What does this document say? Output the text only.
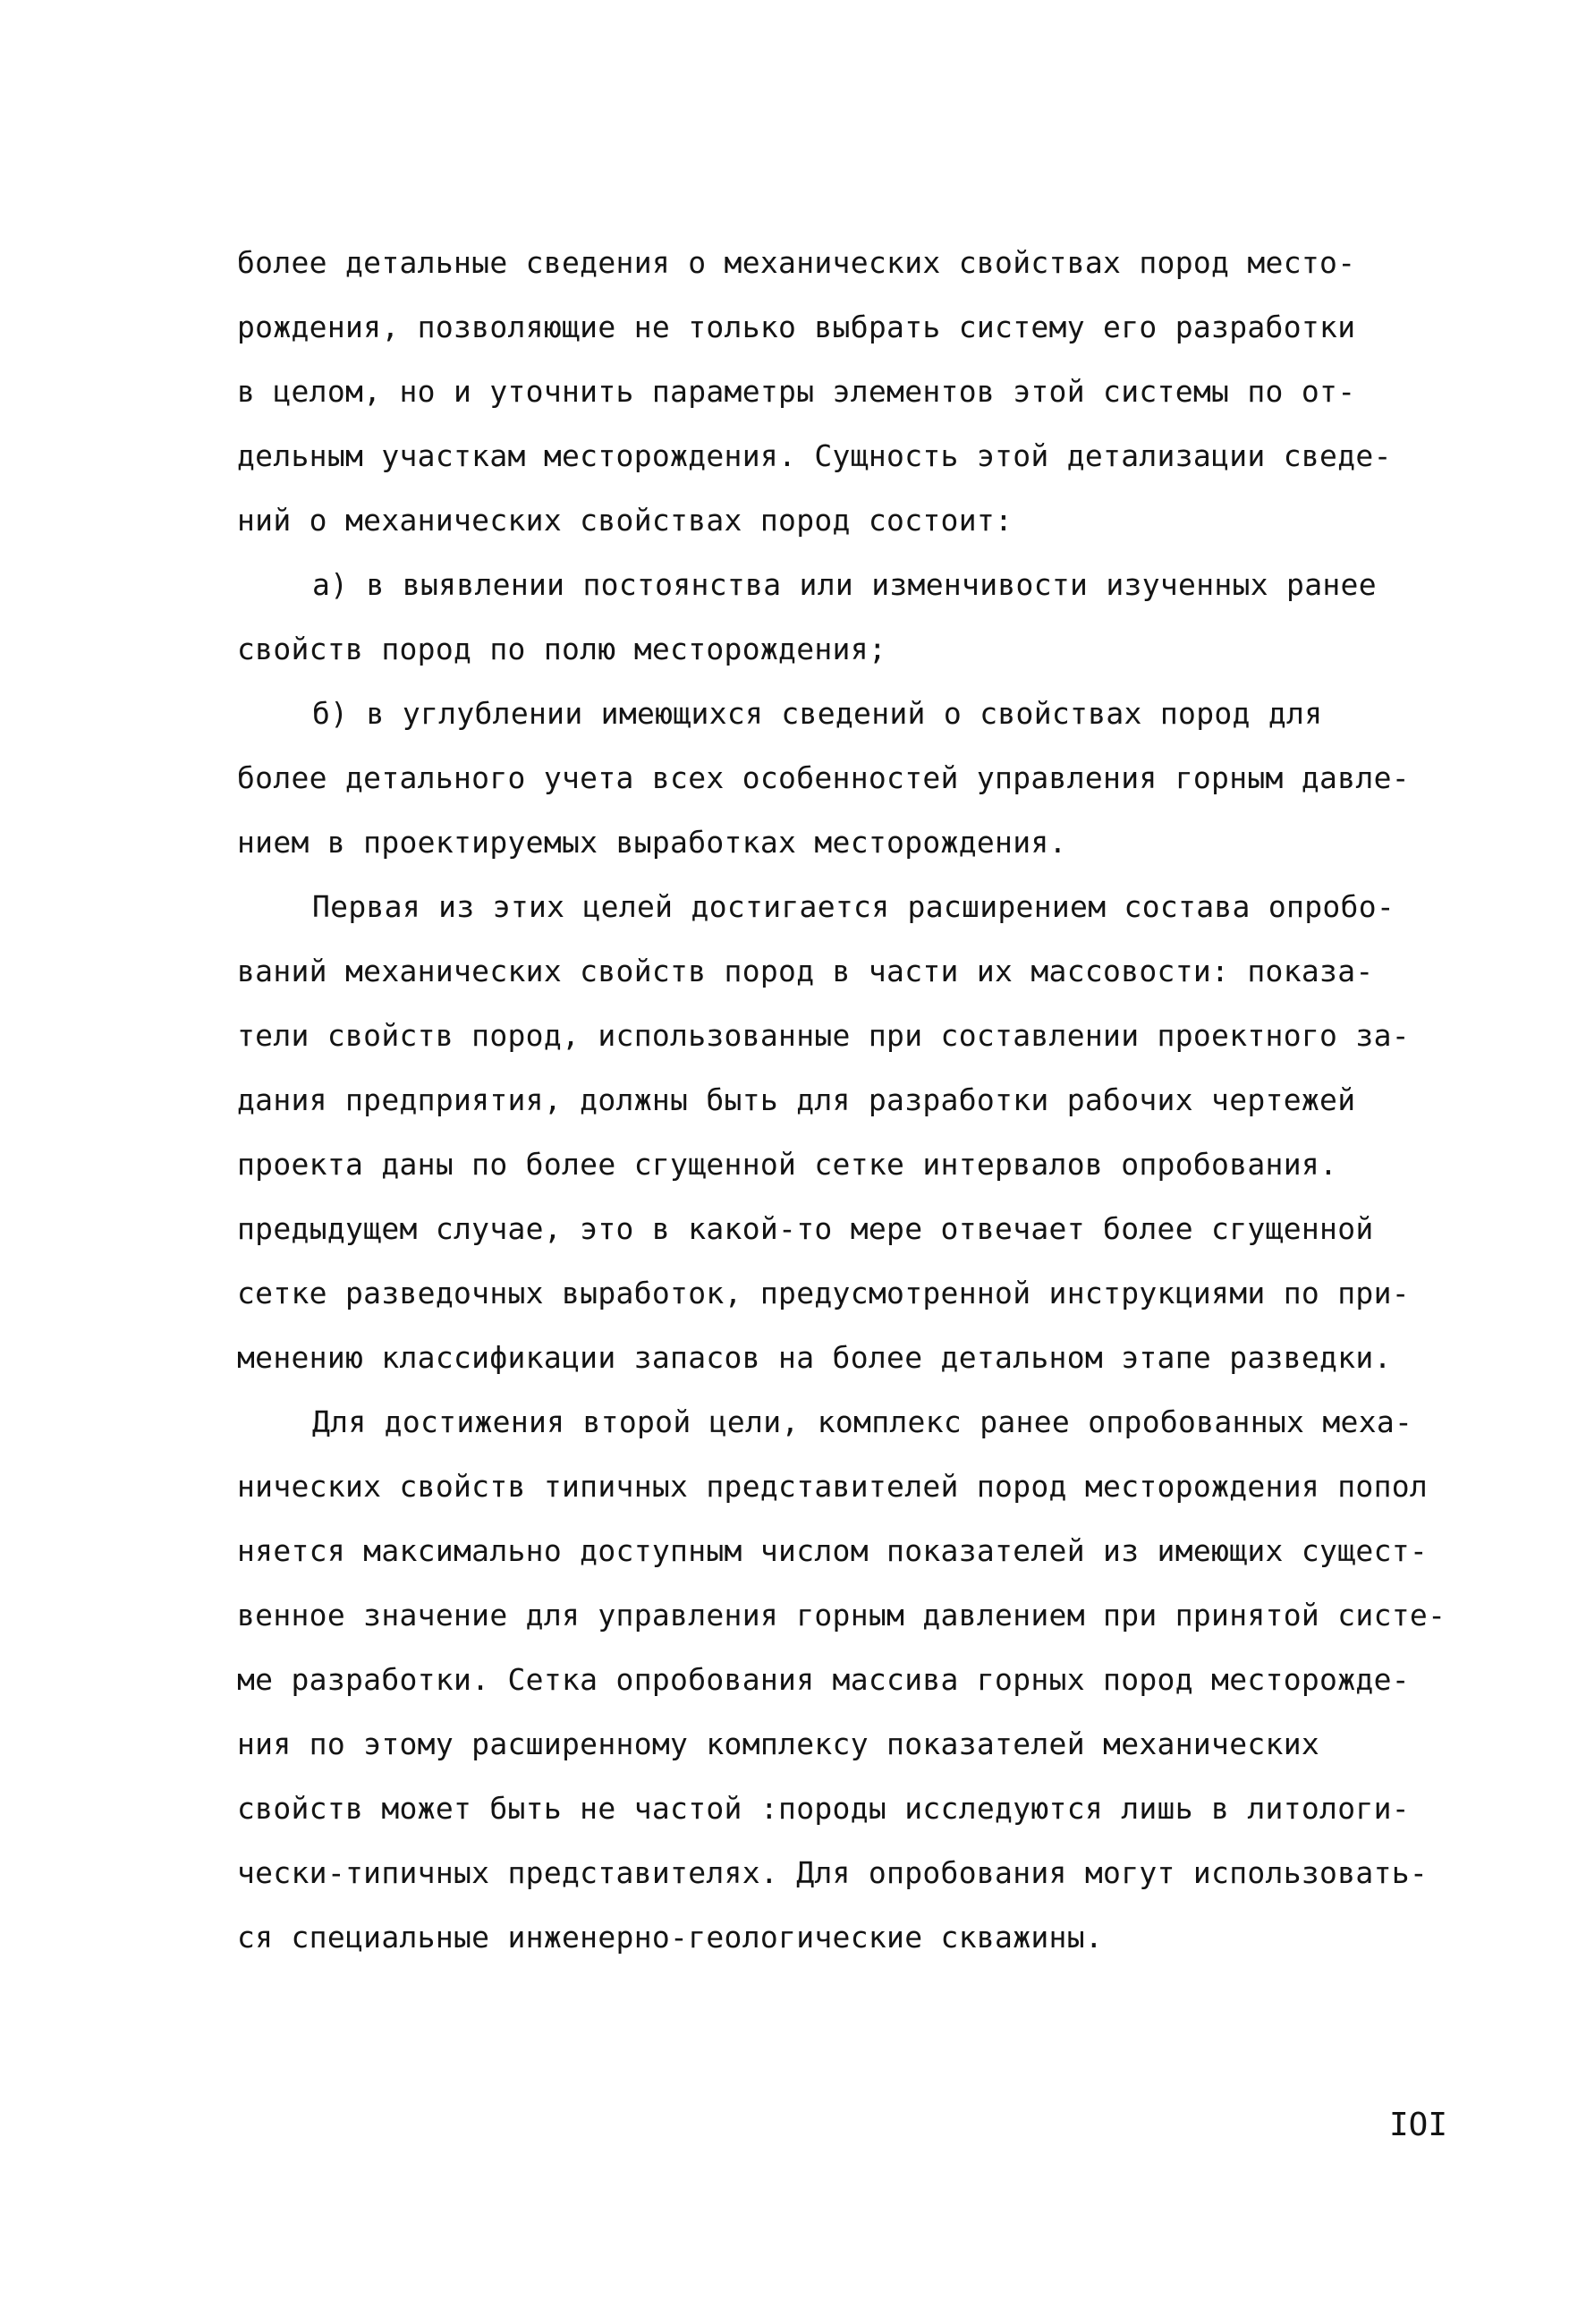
более детальные сведения о механических свойствах пород место-
рождения, позволяющие не только выбрать систему его разработки
в целом, но и уточнить параметры элементов этой системы по от-
дельным участкам месторождения. Сущность этой детализации сведе-
ний о механических свойствах пород состоит:
а) в выявлении постоянства или изменчивости изученных ранее
свойств пород по полю месторождения;
б) в углублении имеющихся сведений о свойствах пород для
более детального учета всех особенностей управления горным давле-
нием в проектируемых выработках месторождения.
Первая из этих целей достигается расширением состава опробо-
ваний механических свойств пород в части их массовости: показа-
тели свойств пород, использованные при составлении проектного за-
дания предприятия, должны быть для разработки рабочих чертежей
проекта даны по более сгущенной сетке интервалов опробования.
предыдущем случае, это в какой-то мере отвечает более сгущенной
сетке разведочных выработок, предусмотренной инструкциями по при-
менению классификации запасов на более детальном этапе разведки.
Для достижения второй цели, комплекс ранее опробованных меха-
нических свойств типичных представителей пород месторождения попол
няется максимально доступным числом показателей из имеющих сущест-
венное значение для управления горным давлением при принятой систе-
ме разработки. Сетка опробования массива горных пород месторожде-
ния по этому расширенному комплексу показателей механических
свойств может быть не частой :породы исследуются лишь в литологи-
чески-типичных представителях. Для опробования могут использовать-
ся специальные инженерно-геологические скважины.
IOI
